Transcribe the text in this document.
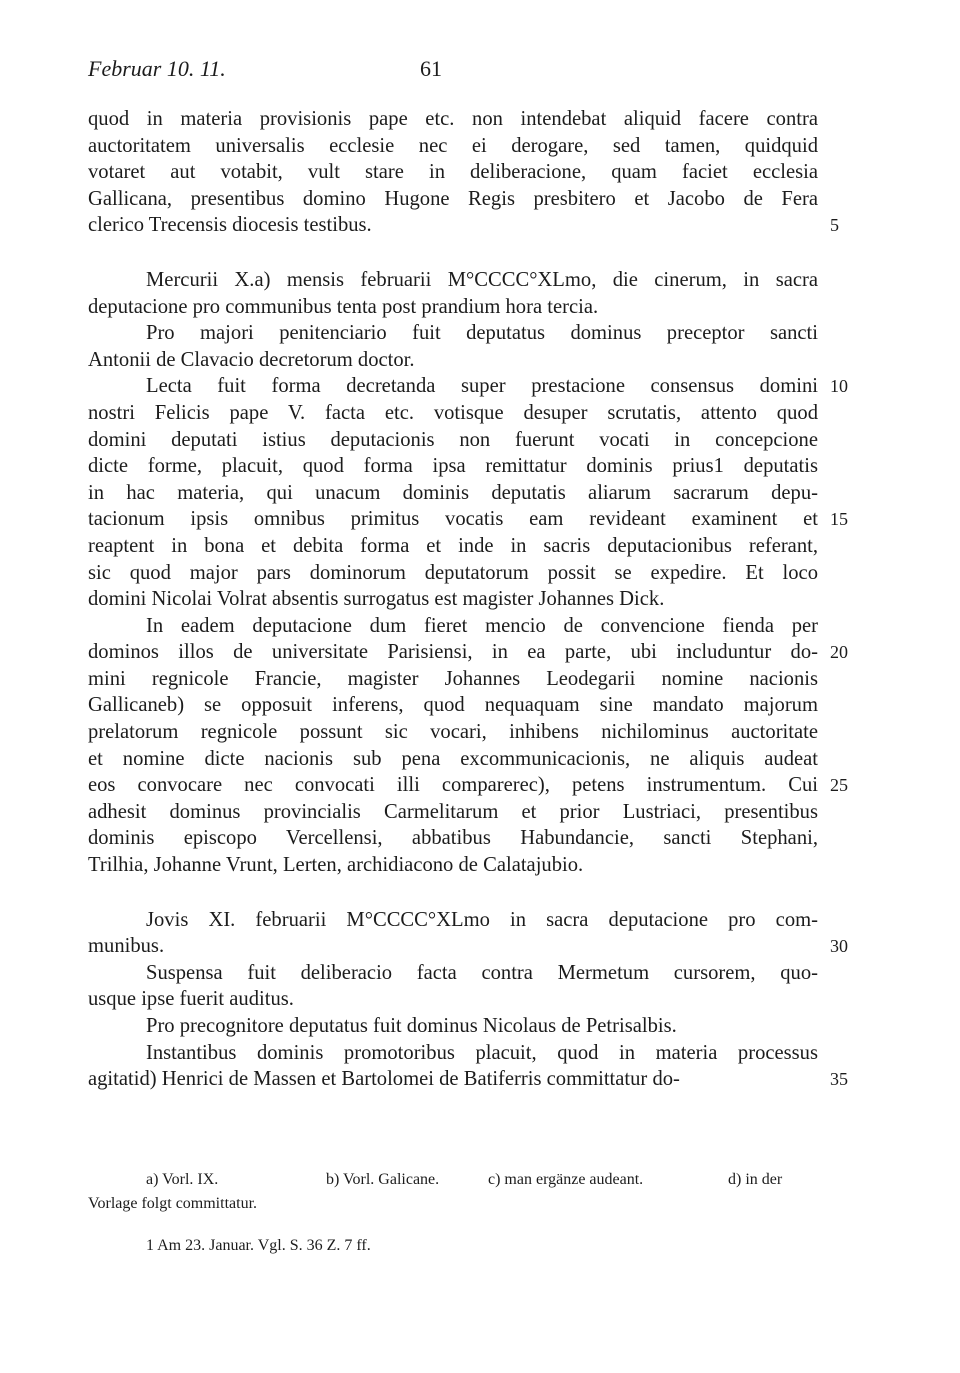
Februar 10. 11.	61
quod in materia provisionis pape etc. non intendebat aliquid facere contra
auctoritatem universalis ecclesie nec ei derogare, sed tamen, quidquid
votaret aut votabit, vult stare in deliberacione, quam faciet ecclesia
Gallicana, presentibus domino Hugone Regis presbitero et Jacobo de Fera
clerico Trecensis diocesis testibus.	5
Mercurii X.a) mensis februarii M°CCCC°XLmo, die cinerum, in sacra
deputacione pro communibus tenta post prandium hora tercia.
Pro majori penitenciario fuit deputatus dominus preceptor sancti
Antonii de Clavacio decretorum doctor.
Lecta fuit forma decretanda super prestacione consensus domini 10
nostri Felicis pape V. facta etc. votisque desuper scrutatis, attento quod
domini deputati istius deputacionis non fuerunt vocati in concepcione
dicte forme, placuit, quod forma ipsa remittatur dominis prius1 deputatis
in hac materia, qui unacum dominis deputatis aliarum sacrarum depu-
tacionum ipsis omnibus primitus vocatis eam revideant examinent et 15
reaptent in bona et debita forma et inde in sacris deputacionibus referant,
sic quod major pars dominorum deputatorum possit se expedire. Et loco
domini Nicolai Volrat absentis surrogatus est magister Johannes Dick.
In eadem deputacione dum fieret mencio de convencione fienda per
dominos illos de universitate Parisiensi, in ea parte, ubi includuntur do- 20
mini regnicole Francie, magister Johannes Leodegarii nomine nacionis
Gallicaneb) se opposuit inferens, quod nequaquam sine mandato majorum
prelatorum regnicole possunt sic vocari, inhibens nichilominus auctoritate
et nomine dicte nacionis sub pena excommunicacionis, ne aliquis audeat
eos convocare nec convocati illi comparerec), petens instrumentum. Cui 25
adhesit dominus provincialis Carmelitarum et prior Lustriaci, presentibus
dominis episcopo Vercellensi, abbatibus Habundancie, sancti Stephani,
Trilhia, Johanne Vrunt, Lerten, archidiacono de Calatajubio.
Jovis XI. februarii M°CCCC°XLmo in sacra deputacione pro com-
munibus.	30
Suspensa fuit deliberacio facta contra Mermetum cursorem, quo-
usque ipse fuerit auditus.
Pro precognitore deputatus fuit dominus Nicolaus de Petrisalbis.
Instantibus dominis promotoribus placuit, quod in materia processus
agitatid) Henrici de Massen et Bartolomei de Batiferris committatur do-	35
a) Vorl. IX.	b) Vorl. Galicane.	c) man ergänze audeant.	d) in der
Vorlage folgt committatur.
1 Am 23. Januar. Vgl. S. 36 Z. 7 ff.
